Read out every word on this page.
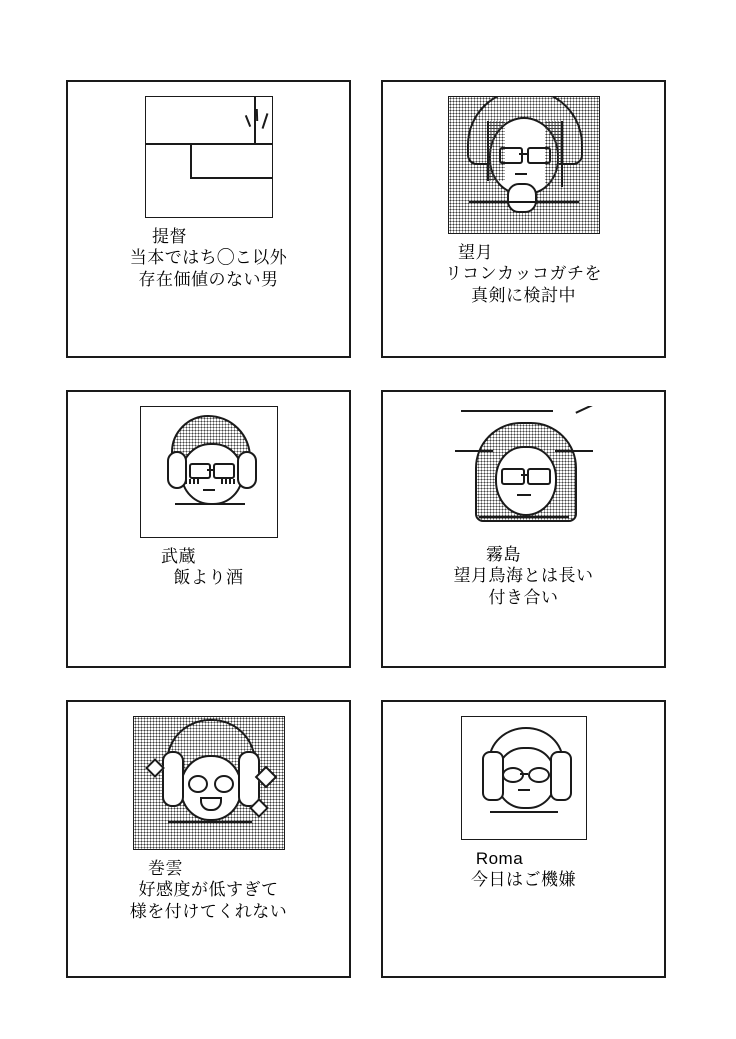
提督
当本ではち◯こ以外
存在価値のない男
望月
リコンカッコガチを
真剣に検討中
武蔵
飯より酒
霧島
望月鳥海とは長い
付き合い
巻雲
好感度が低すぎて
様を付けてくれない
Roma
今日はご機嫌
